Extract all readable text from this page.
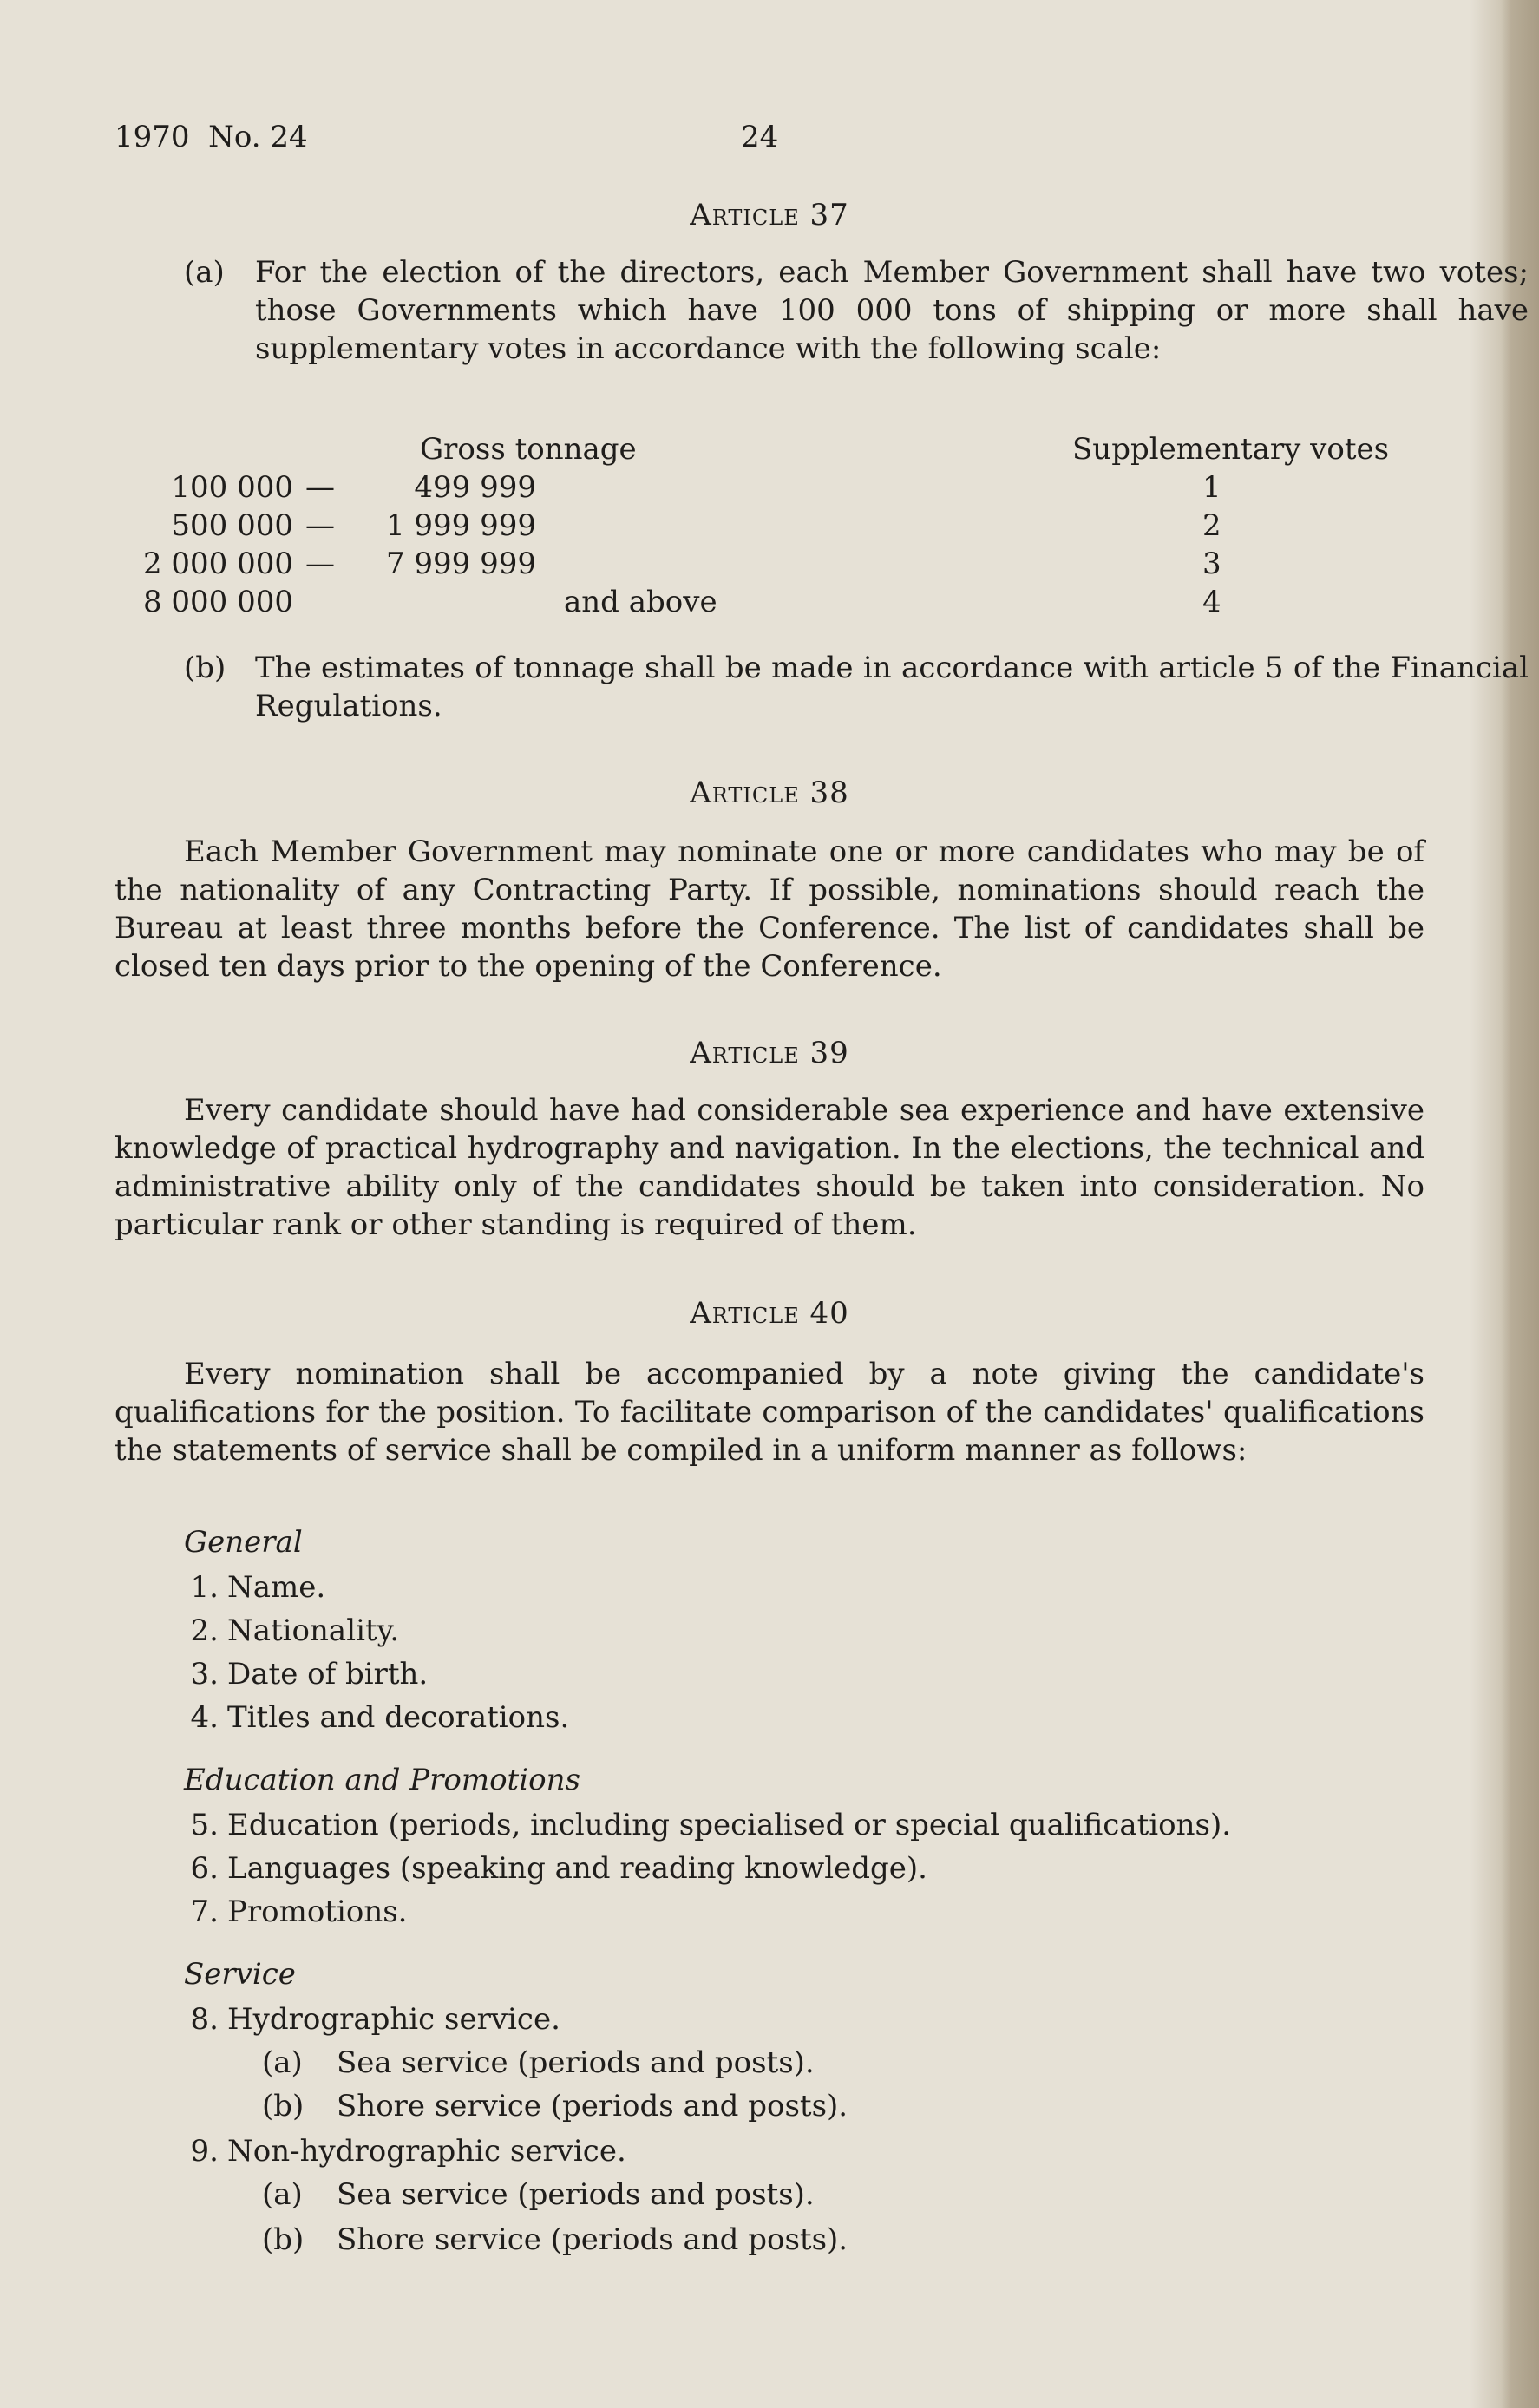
1970  No. 24	24
Article 37
(a) For the election of the directors, each Member Government shall have two votes; those Governments which have 100 000 tons of shipping or more shall have supplementary votes in accordance with the following scale:
Gross tonnage	Supplementary votes
100 000 —	499 999	1
500 000 — 1 999 999	2
2 000 000 — 7 999 999	3
8 000 000	and above	4
(b) The estimates of tonnage shall be made in accordance with article 5 of the Financial Regulations.
Article 38
Each Member Government may nominate one or more candidates who may be of the nationality of any Contracting Party. If possible, nominations should reach the Bureau at least three months before the Conference. The list of candidates shall be closed ten days prior to the opening of the Conference.
Article 39
Every candidate should have had considerable sea experience and have extensive knowledge of practical hydrography and navigation. In the elections, the technical and administrative ability only of the candidates should be taken into consideration. No particular rank or other standing is required of them.
Article 40
Every nomination shall be accompanied by a note giving the candidate's qualifications for the position. To facilitate comparison of the candidates' qualifications the statements of service shall be compiled in a uniform manner as follows:
General
1. Name.
2. Nationality.
3. Date of birth.
4. Titles and decorations.
Education and Promotions
5. Education (periods, including specialised or special qualifications).
6. Languages (speaking and reading knowledge).
7. Promotions.
Service
8. Hydrographic service.
(a) Sea service (periods and posts).
(b) Shore service (periods and posts).
9. Non-hydrographic service.
(a) Sea service (periods and posts).
(b) Shore service (periods and posts).
